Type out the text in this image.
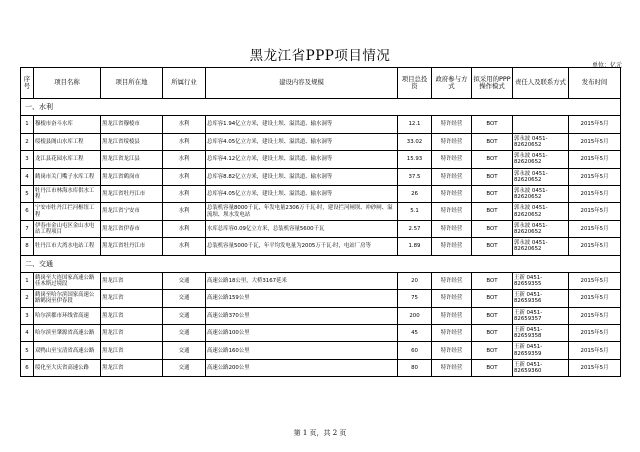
黑龙江省PPP项目情况
单位：亿元
序号	项目名称	项目所在地	所属行业	建设内容及规模	项目总投资	政府参与方式	拟采用的PPP操作模式	责任人及联系方式	发布时间
一、水利									
1	穆棱市奋斗水库	黑龙江省穆棱市	水利	总库容1.94亿立方米，建设土坝、溢洪道、输水洞等	12.1	特许经营	BOT		2015年5月
2	绥棱县阁山水库工程	黑龙江省绥棱县	水利	总库容4.05亿立方米，建设土坝、溢洪道、输水洞等	33.02	特许经营	BOT	郭永波 0451-82620652	2015年5月
3	龙江县花园水库工程	黑龙江省龙江县	水利	总库容4.12亿立方米，建设土坝、溢洪道、输水洞等	15.93	特许经营	BOT	郭永波 0451-82620652	2015年5月
4	鹤岗市关门嘴子水库工程	黑龙江省鹤岗市	水利	总库容8.82亿立方米，建设土坝、溢洪道、输水洞等	37.5	特许经营	BOT	郭永波 0451-82620652	2015年5月
5	牡丹江市林海水库供水工程	黑龙江省牡丹江市	水利	总库容4.05亿立方米，建设土坝、溢洪道、输水洞等	26	特许经营	BOT	郭永波 0451-82620652	2015年5月
6	宁安市牡丹江拦河枢纽工程	黑龙江省宁安市	水利	总装机容量8000千瓦，年发电量2306万千瓦·时，建设拦河闸坝、冲砂闸、溢流坝、坝水发电站	5.1	特许经营	BOT	郭永波 0451-82620652	2015年5月
7	伊春市金山屯区金山水电站工程项目	黑龙江省伊春市	水利	水库总库容0.09亿立方米，总装机容量5600千瓦	2.57	特许经营	BOT	郭永波 0451-82620652	2015年5月
8	牡丹江市大湾水电站工程	黑龙江省牡丹江市	水利	总装机容量5000千瓦，年平均发电量为2005万千瓦·时，电站厂房等	1.89	特许经营	BOT	郭永波 0451-82620652	2015年5月
二、交通									
1	鹤岗至大连国家高速公路佳木斯过境段	黑龙江省	交通	高速公路18公里，大桥3167延米	20	特许经营	BOT	王新 0451-82659355	2015年5月
2	鹤岗至哈尔滨国家高速公路鹤岗至伊春段	黑龙江省	交通	高速公路159公里	75	特许经营	BOT	王新 0451-82659356	2015年5月
3	哈尔滨都市环线省高速	黑龙江省	交通	高速公路370公里	200	特许经营	BOT	王新 0451-82659357	2015年5月
4	哈尔滨至肇源省高速公路	黑龙江省	交通	高速公路100公里	45	特许经营	BOT	王新 0451-82659358	2015年5月
5	双鸭山至宝清省高速公路	黑龙江省	交通	高速公路160公里	60	特许经营	BOT	王新 0451-82659359	2015年5月
6	绥化至大庆省高速公路	黑龙江省	交通	高速公路200公里	80	特许经营	BOT	王新 0451-82659360	2015年5月
第 1 页，共 2 页
